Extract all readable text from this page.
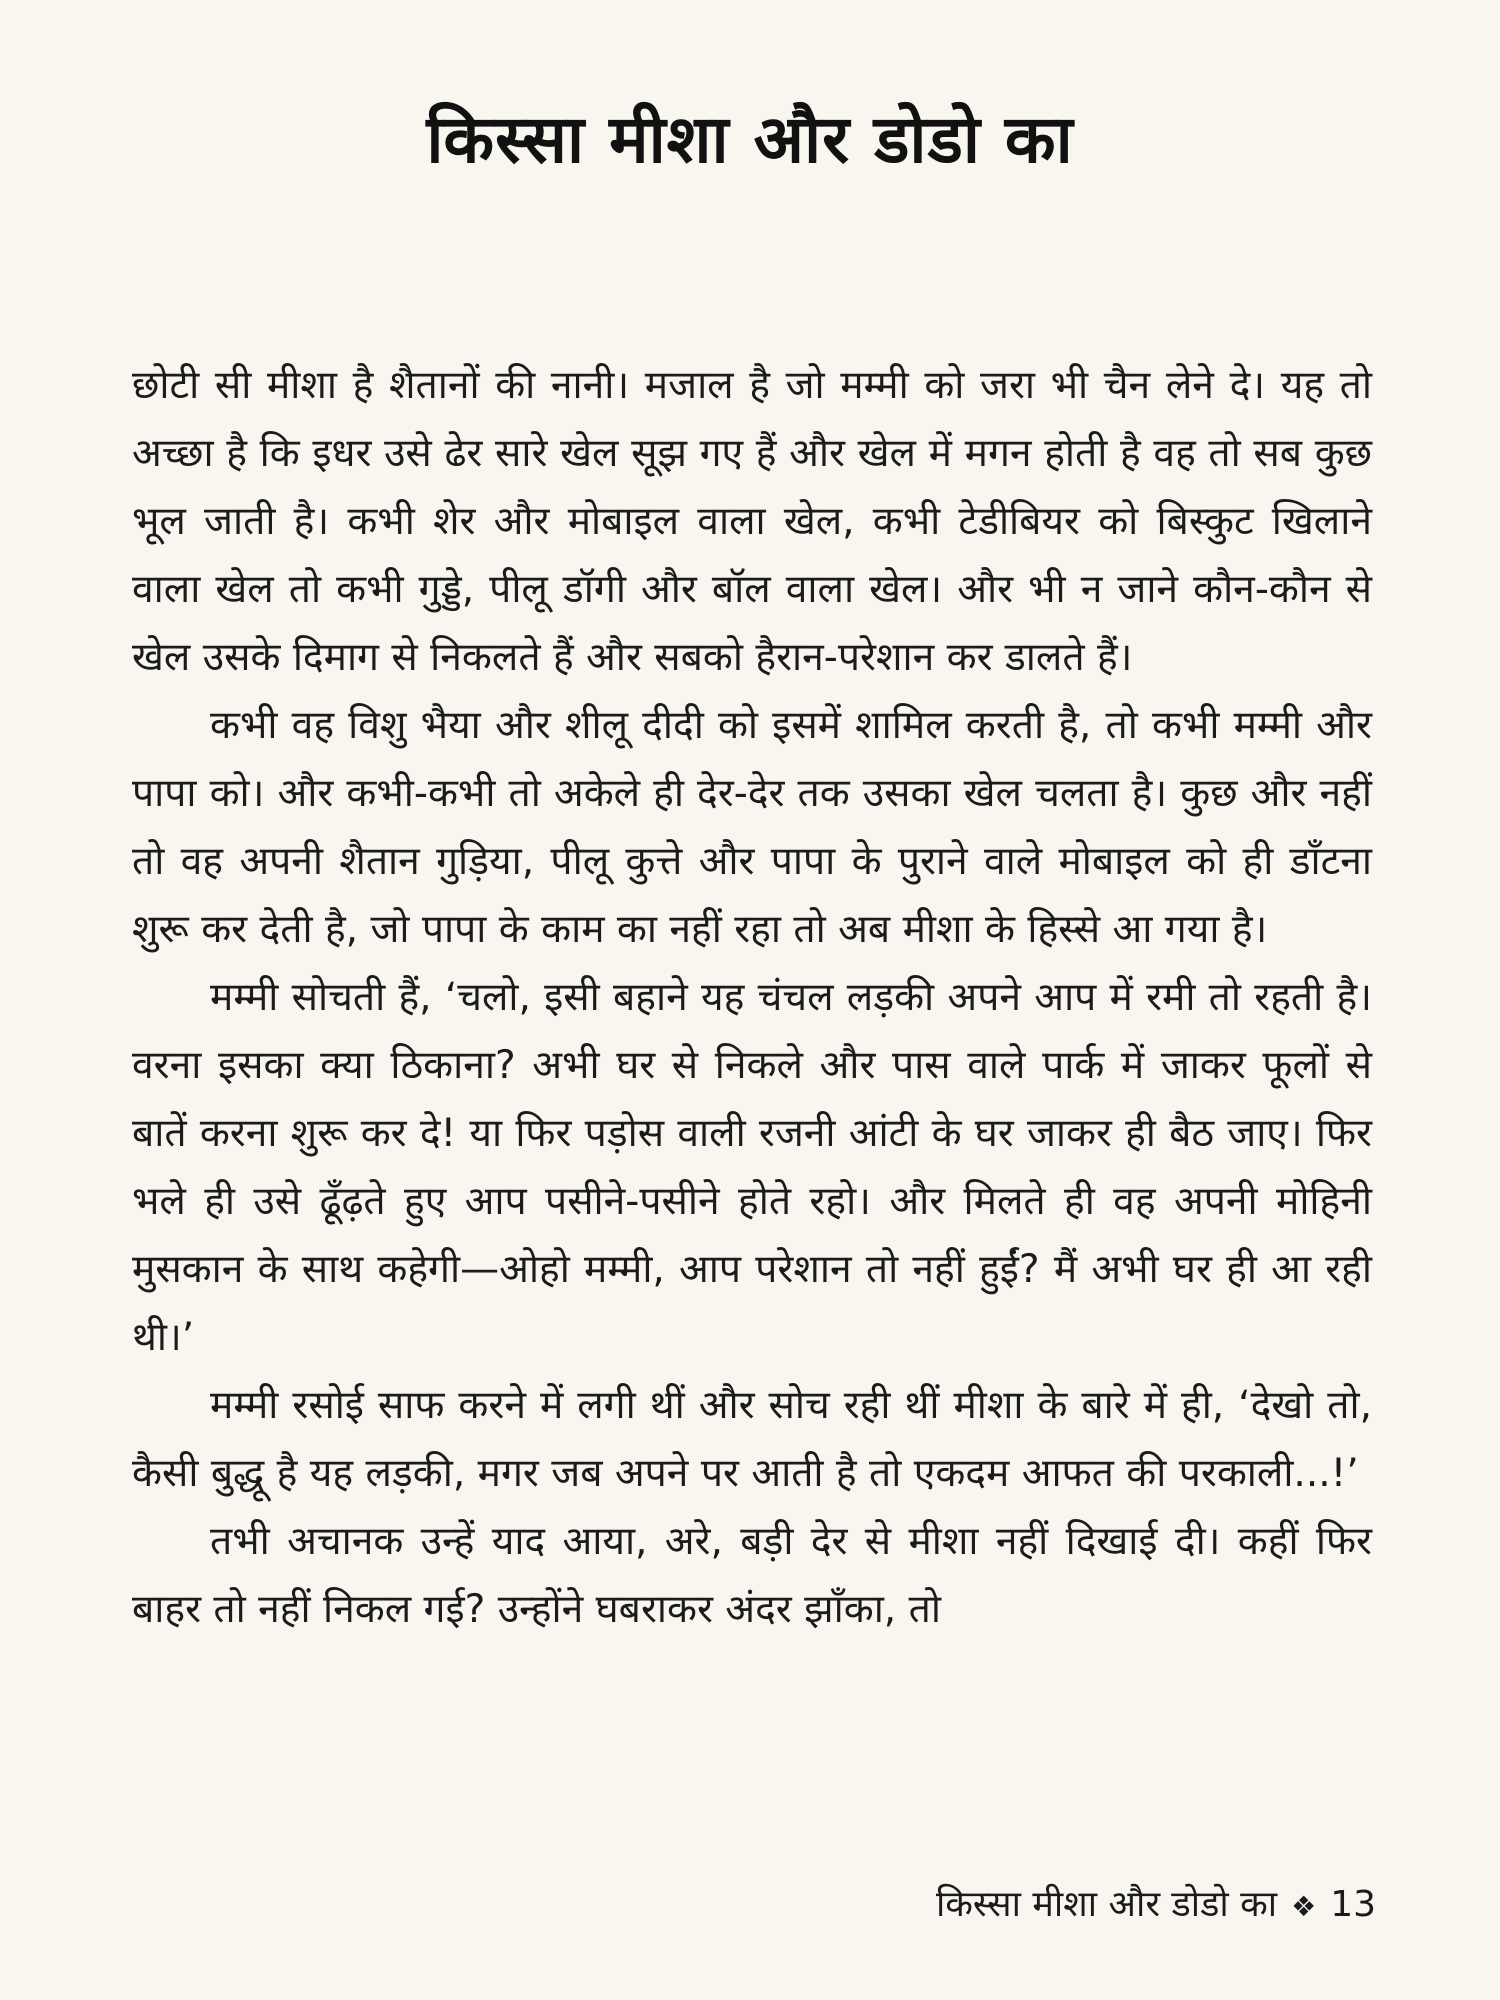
किस्सा मीशा और डोडो का

छोटी सी मीशा है शैतानों की नानी। मजाल है जो मम्मी को जरा भी चैन लेने दे। यह तो अच्छा है कि इधर उसे ढेर सारे खेल सूझ गए हैं और खेल में मगन होती है वह तो सब कुछ भूल जाती है। कभी शेर और मोबाइल वाला खेल, कभी टेडीबियर को बिस्कुट खिलाने वाला खेल तो कभी गुड्डे, पीलू डॉगी और बॉल वाला खेल। और भी न जाने कौन-कौन से खेल उसके दिमाग से निकलते हैं और सबको हैरान-परेशान कर डालते हैं।

कभी वह विशु भैया और शीलू दीदी को इसमें शामिल करती है, तो कभी मम्मी और पापा को। और कभी-कभी तो अकेले ही देर-देर तक उसका खेल चलता है। कुछ और नहीं तो वह अपनी शैतान गुड़िया, पीलू कुत्ते और पापा के पुराने वाले मोबाइल को ही डाँटना शुरू कर देती है, जो पापा के काम का नहीं रहा तो अब मीशा के हिस्से आ गया है।

मम्मी सोचती हैं, ‘चलो, इसी बहाने यह चंचल लड़की अपने आप में रमी तो रहती है। वरना इसका क्या ठिकाना? अभी घर से निकले और पास वाले पार्क में जाकर फूलों से बातें करना शुरू कर दे! या फिर पड़ोस वाली रजनी आंटी के घर जाकर ही बैठ जाए। फिर भले ही उसे ढूँढ़ते हुए आप पसीने-पसीने होते रहो। और मिलते ही वह अपनी मोहिनी मुसकान के साथ कहेगी—ओहो मम्मी, आप परेशान तो नहीं हुईं? मैं अभी घर ही आ रही थी।’

मम्मी रसोई साफ करने में लगी थीं और सोच रही थीं मीशा के बारे में ही, ‘देखो तो, कैसी बुद्धू है यह लड़की, मगर जब अपने पर आती है तो एकदम आफत की परकाली...!’

तभी अचानक उन्हें याद आया, अरे, बड़ी देर से मीशा नहीं दिखाई दी। कहीं फिर बाहर तो नहीं निकल गई? उन्होंने घबराकर अंदर झाँका, तो

किस्सा मीशा और डोडो का ❖ 13
